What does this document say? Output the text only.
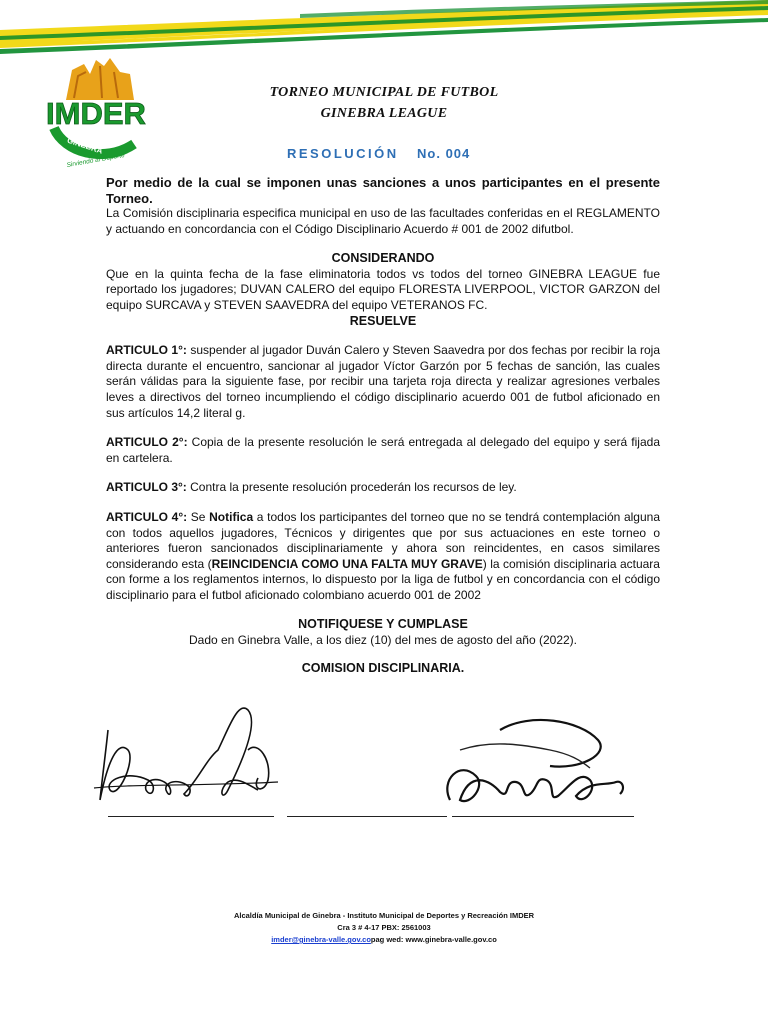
IMDER
GINEBRA
Sirviendo al Deporte
TORNEO MUNICIPAL DE FUTBOL
GINEBRA LEAGUE
RESOLUCIÓN No. 004
Por medio de la cual se imponen unas sanciones a unos participantes en el presente Torneo.
La Comisión disciplinaria especifica municipal en uso de las facultades conferidas en el REGLAMENTO y actuando en concordancia con el Código Disciplinario Acuerdo # 001 de 2002 difutbol.
CONSIDERANDO
Que en la quinta fecha de la fase eliminatoria todos vs todos del torneo GINEBRA LEAGUE fue reportado los jugadores; DUVAN CALERO del equipo FLORESTA LIVERPOOL, VICTOR GARZON del equipo SURCAVA y STEVEN SAAVEDRA del equipo VETERANOS FC.
RESUELVE

ARTICULO 1°: suspender al jugador Duván Calero y Steven Saavedra por dos fechas por recibir la roja directa durante el encuentro, sancionar al jugador Víctor Garzón por 5 fechas de sanción, las cuales serán válidas para la siguiente fase, por recibir una tarjeta roja directa y realizar agresiones verbales leves a directivos del torneo incumpliendo el código disciplinario acuerdo 001 de futbol aficionado en sus artículos 14,2 literal g.

ARTICULO 2°: Copia de la presente resolución le será entregada al delegado del equipo y será fijada en cartelera.

ARTICULO 3°: Contra la presente resolución procederán los recursos de ley.

ARTICULO 4°: Se Notifica a todos los participantes del torneo que no se tendrá contemplación alguna con todos aquellos jugadores, Técnicos y dirigentes que por sus actuaciones en este torneo o anteriores fueron sancionados disciplinariamente y ahora son reincidentes, en casos similares considerando esta (REINCIDENCIA COMO UNA FALTA MUY GRAVE) la comisión disciplinaria actuara con forme a los reglamentos internos, lo dispuesto por la liga de futbol y en concordancia con el código disciplinario para el futbol aficionado colombiano acuerdo 001 de 2002

NOTIFIQUESE Y CUMPLASE
Dado en Ginebra Valle, a los diez (10) del mes de agosto del año (2022).
COMISION DISCIPLINARIA.
Alcaldía Municipal de Ginebra - Instituto Municipal de Deportes y Recreación IMDER
Cra 3 # 4-17 PBX: 2561003
imder@ginebra-valle.gov.copag wed: www.ginebra-valle.gov.co
